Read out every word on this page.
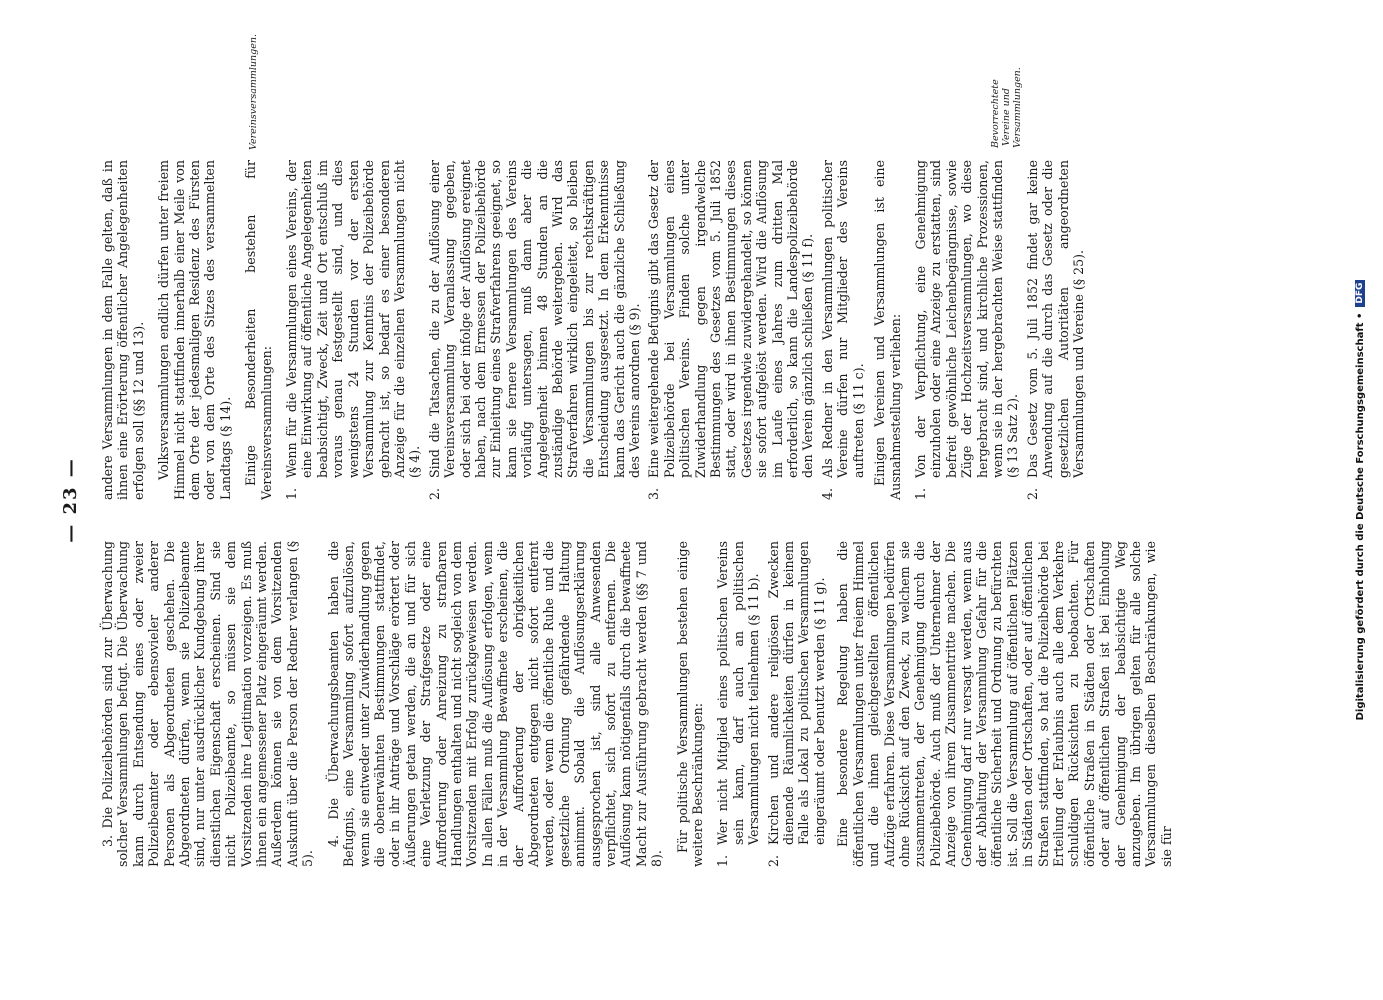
— 23 —

3. Die Polizeibehörden sind zur Überwachung solcher Versammlungen befugt. Die Überwachung kann durch Entsendung eines oder zweier Polizeibeamter oder ebensovieler anderer Personen als Abgeordneten geschehen. Die Abgeordneten dürfen, wenn sie Polizeibeamte sind, nur unter ausdrücklicher Kundgebung ihrer dienstlichen Eigenschaft erscheinen. Sind sie nicht Polizeibeamte, so müssen sie dem Vorsitzenden ihre Legitimation vorzeigen. Es muß ihnen ein angemessener Platz eingeräumt werden. Außerdem können sie von dem Vorsitzenden Auskunft über die Person der Redner verlangen (§ 5).

4. Die Überwachungsbeamten haben die Befugnis, eine Versammlung sofort aufzulösen, wenn sie entweder unter Zuwiderhandlung gegen die obenerwähnten Bestimmungen stattfindet, oder in ihr Anträge und Vorschläge erörtert oder Äußerungen getan werden, die an und für sich eine Verletzung der Strafgesetze oder eine Aufforderung oder Anreizung zu strafbaren Handlungen enthalten und nicht sogleich von dem Vorsitzenden mit Erfolg zurückgewiesen werden. In allen Fällen muß die Auflösung erfolgen, wenn in der Versammlung Bewaffnete erscheinen, die der Aufforderung der obrigkeitlichen Abgeordneten entgegen nicht sofort entfernt werden, oder wenn die öffentliche Ruhe und die gesetzliche Ordnung gefährdende Haltung annimmt. Sobald die Auflösungserklärung ausgesprochen ist, sind alle Anwesenden verpflichtet, sich sofort zu entfernen. Die Auflösung kann nötigenfalls durch die bewaffnete Macht zur Ausführung gebracht werden (§§ 7 und 8).

Für politische Versammlungen bestehen einige weitere Beschränkungen: 1.
Wer nicht Mitglied eines politischen Vereins sein kann, darf auch an politischen Versammlungen nicht teilnehmen (§ 11 b).
2.
Kirchen und andere religiösen Zwecken dienende Räumlichkeiten dürfen in keinem Falle als Lokal zu politischen Versammlungen eingeräumt oder benutzt werden (§ 11 g). Eine besondere Regelung haben die öffentlichen Versammlungen unter freiem Himmel und die ihnen gleichgestellten öffentlichen Aufzüge erfahren. Diese Versammlungen bedürfen ohne Rücksicht auf den Zweck, zu welchem sie zusammentreten, der Genehmigung durch die Polizeibehörde. Auch muß der Unternehmer der Anzeige von ihrem Zusammentritte machen. Die Genehmigung darf nur versagt werden, wenn aus der Abhaltung der Versammlung Gefahr für die öffentliche Sicherheit und Ordnung zu befürchten ist. Soll die Versammlung auf öffentlichen Plätzen in Städten oder Ortschaften, oder auf öffentlichen Straßen stattfinden, so hat die Polizeibehörde bei Erteilung der Erlaubnis auch alle dem Verkehre schuldigen Rücksichten zu beobachten. Für öffentliche Straßen in Städten oder Ortschaften oder auf öffentlichen Straßen ist bei Einholung der Genehmigung der beabsichtigte Weg anzugeben. Im übrigen gelten für alle solche Versammlungen dieselben Beschränkungen, wie sie für

andere Versammlungen in dem Falle gelten, daß in ihnen eine Erörterung öffentlicher Angelegenheiten erfolgen soll (§§ 12 und 13). Volksversammlungen endlich dürfen unter freiem Himmel nicht stattfinden innerhalb einer Meile von dem Orte der jedesmaligen Residenz des Fürsten oder von dem Orte des Sitzes des versammelten Landtags (§ 14). Einige Besonderheiten bestehen für Vereinsversammlungen: 1.
Wenn für die Versammlungen eines Vereins, der eine Einwirkung auf öffentliche Angelegenheiten beabsichtigt, Zweck, Zeit und Ort entschluß im voraus genau festgestellt sind, und dies wenigstens 24 Stunden vor der ersten Versammlung zur Kenntnis der Polizeibehörde gebracht ist, so bedarf es einer besonderen Anzeige für die einzelnen Versammlungen nicht (§ 4).
2.
Sind die Tatsachen, die zu der Auflösung einer Vereinsversammlung Veranlassung gegeben, oder sich bei oder infolge der Auflösung ereignet haben, nach dem Ermessen der Polizeibehörde zur Einleitung eines Strafverfahrens geeignet, so kann sie fernere Versammlungen des Vereins vorläufig untersagen, muß dann aber die Angelegenheit binnen 48 Stunden an die zuständige Behörde weitergeben. Wird das Strafverfahren wirklich eingeleitet, so bleiben die Versammlungen bis zur rechtskräftigen Entscheidung ausgesetzt. In dem Erkenntnisse kann das Gericht auch die gänzliche Schließung des Vereins anordnen (§ 9).
3.
Eine weitergehende Befugnis gibt das Gesetz der Polizeibehörde bei Versammlungen eines politischen Vereins. Finden solche unter Zuwiderhandlung gegen irgendwelche Bestimmungen des Gesetzes vom 5. Juli 1852 statt, oder wird in ihnen Bestimmungen dieses Gesetzes irgendwie zuwidergehandelt, so können sie sofort aufgelöst werden. Wird die Auflösung im Laufe eines Jahres zum dritten Mal erforderlich, so kann die Landespolizeibehörde den Verein gänzlich schließen (§ 11 f).
4.
Als Redner in den Versammlungen politischer Vereine dürfen nur Mitglieder des Vereins auftreten (§ 11 c). Einigen Vereinen und Versammlungen ist eine Ausnahmestellung verliehen: 1.
Von der Verpflichtung, eine Genehmigung einzuholen oder eine Anzeige zu erstatten, sind befreit gewöhnliche Leichenbegängnisse, sowie Züge der Hochzeitsversammlungen, wo diese hergebracht sind, und kirchliche Prozessionen, wenn sie in der hergebrachten Weise stattfinden (§ 13 Satz 2).
2.
Das Gesetz vom 5. Juli 1852 findet gar keine Anwendung auf die durch das Gesetz oder die gesetzlichen Autoritäten angeordneten Versammlungen und Vereine (§ 25).
Vereinsversammlungen.	Bevorrechtete Vereine und Versammlungen.
Digitalisierung gefördert durch die Deutsche Forschungsgemeinschaft •DFG
